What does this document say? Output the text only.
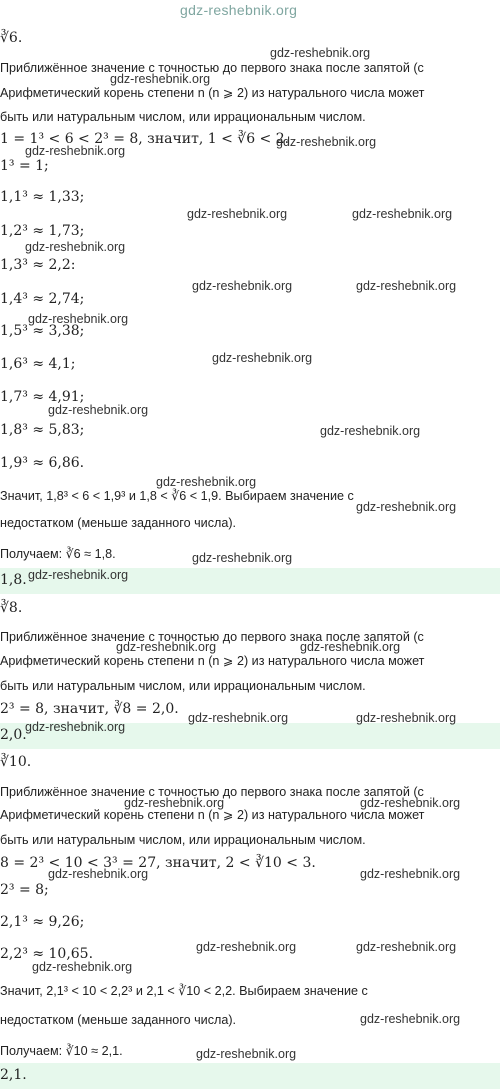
gdz-reshebnik.org
∛6.
Приближённое значение с точностью до первого знака после запятой (с
Арифметический корень степени n (n ⩾ 2) из натурального числа может
быть или натуральным числом, или иррациональным числом.
1 = 1³ < 6 < 2³ = 8, значит, 1 < ∛6 < 2.
1³ = 1;
1,1³ ≈ 1,33;
1,2³ ≈ 1,73;
1,3³ ≈ 2,2:
1,4³ ≈ 2,74;
1,5³ ≈ 3,38;
1,6³ ≈ 4,1;
1,7³ ≈ 4,91;
1,8³ ≈ 5,83;
1,9³ ≈ 6,86.
Значит, 1,8³ < 6 < 1,9³ и 1,8 < ∛6 < 1,9. Выбираем значение с
недостатком (меньше заданного числа).
Получаем: ∛6 ≈ 1,8.
1,8.
∛8.
Приближённое значение с точностью до первого знака после запятой (с
Арифметический корень степени n (n ⩾ 2) из натурального числа может
быть или натуральным числом, или иррациональным числом.
2³ = 8, значит, ∛8 = 2,0.
2,0.
∛10.
Приближённое значение с точностью до первого знака после запятой (с
Арифметический корень степени n (n ⩾ 2) из натурального числа может
быть или натуральным числом, или иррациональным числом.
8 = 2³ < 10 < 3³ = 27, значит, 2 < ∛10 < 3.
2³ = 8;
2,1³ ≈ 9,26;
2,2³ ≈ 10,65.
Значит, 2,1³ < 10 < 2,2³ и 2,1 < ∛10 < 2,2. Выбираем значение с
недостатком (меньше заданного числа).
Получаем: ∛10 ≈ 2,1.
2,1.
gdz-reshebnik.org
gdz-reshebnik.org
gdz-reshebnik.org
gdz-reshebnik.org
gdz-reshebnik.org	gdz-reshebnik.org
gdz-reshebnik.org
gdz-reshebnik.org	gdz-reshebnik.org
gdz-reshebnik.org
gdz-reshebnik.org
gdz-reshebnik.org
gdz-reshebnik.org
gdz-reshebnik.org
gdz-reshebnik.org
gdz-reshebnik.org
gdz-reshebnik.org
gdz-reshebnik.org	gdz-reshebnik.org
gdz-reshebnik.org	gdz-reshebnik.org
gdz-reshebnik.org
gdz-reshebnik.org	gdz-reshebnik.org
gdz-reshebnik.org	gdz-reshebnik.org
gdz-reshebnik.org	gdz-reshebnik.org
gdz-reshebnik.org
gdz-reshebnik.org
gdz-reshebnik.org
